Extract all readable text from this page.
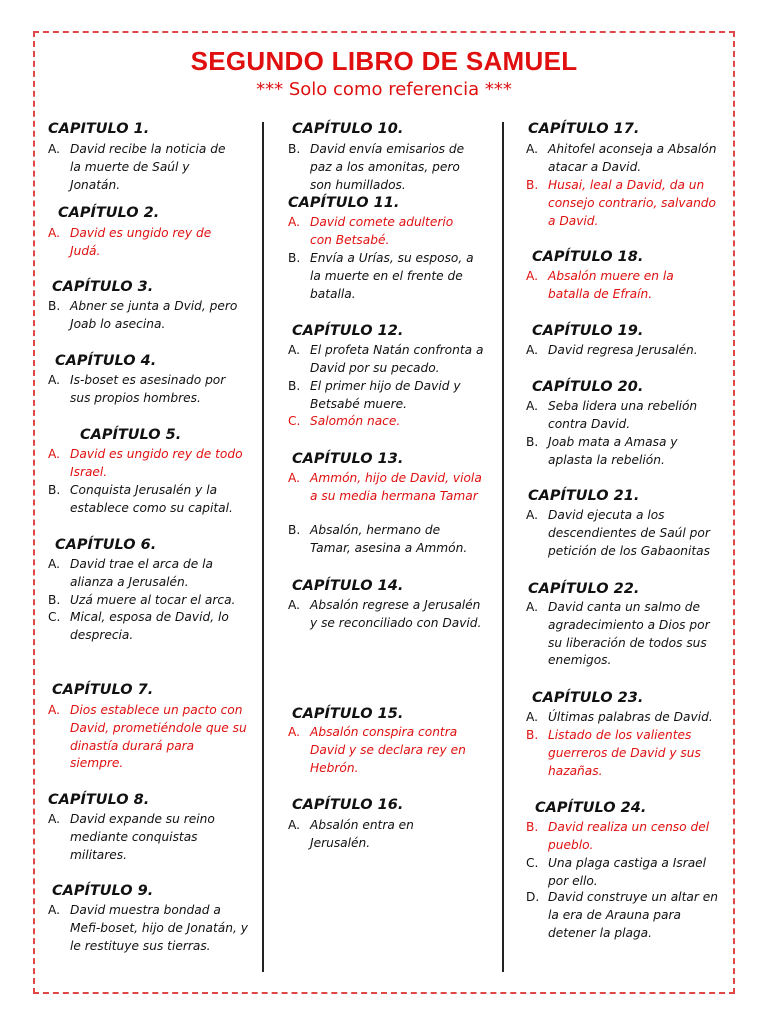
SEGUNDO LIBRO DE SAMUEL
*** Solo como referencia ***
CAPITULO 1.
A. David recibe la noticia de la muerte de Saúl y Jonatán.
CAPÍTULO 2.
A. David es ungido rey de Judá.
CAPÍTULO 3.
B. Abner se junta a Dvid, pero Joab lo asecina.
CAPÍTULO 4.
A. Is-boset es asesinado por sus propios hombres.
CAPÍTULO 5.
A. David es ungido rey de todo Israel.
B. Conquista Jerusalén y la establece como su capital.
CAPÍTULO 6.
A. David trae el arca de la alianza a Jerusalén.
B. Uzá muere al tocar el arca.
C. Mical, esposa de David, lo desprecia.
CAPÍTULO 7.
A. Dios establece un pacto con David, prometiéndole que su dinastía durará para siempre.
CAPÍTULO 8.
A. David expande su reino mediante conquistas militares.
CAPÍTULO 9.
A. David muestra bondad a Mefi-boset, hijo de Jonatán, y le restituye sus tierras.
CAPÍTULO 10.
B. David envía emisarios de paz a los amonitas, pero son humillados.
CAPÍTULO 11.
A. David comete adulterio con Betsabé.
B. Envía a Urías, su esposo, a la muerte en el frente de batalla.
CAPÍTULO 12.
A. El profeta Natán confronta a David por su pecado.
B. El primer hijo de David y Betsabé muere.
C. Salomón nace.
CAPÍTULO 13.
A. Ammón, hijo de David, viola a su media hermana Tamar
B. Absalón, hermano de Tamar, asesina a Ammón.
CAPÍTULO 14.
A. Absalón regrese a Jerusalén y se reconciliado con David.
CAPÍTULO 15.
A. Absalón conspira contra David y se declara rey en Hebrón.
CAPÍTULO 16.
A. Absalón entra en Jerusalén.
CAPÍTULO 17.
A. Ahitofel aconseja a Absalón atacar a David.
B. Husai, leal a David, da un consejo contrario, salvando a David.
CAPÍTULO 18.
A. Absalón muere en la batalla de Efraín.
CAPÍTULO 19.
A. David regresa Jerusalén.
CAPÍTULO 20.
A. Seba lidera una rebelión contra David.
B. Joab mata a Amasa y aplasta la rebelión.
CAPÍTULO 21.
A. David ejecuta a los descendientes de Saúl por petición de los Gabaonitas
CAPÍTULO 22.
A. David canta un salmo de agradecimiento a Dios por su liberación de todos sus enemigos.
CAPÍTULO 23.
A. Últimas palabras de David.
B. Listado de los valientes guerreros de David y sus hazañas.
CAPÍTULO 24.
B. David realiza un censo del pueblo.
C. Una plaga castiga a Israel por ello.
D. David construye un altar en la era de Arauna para detener la plaga.
